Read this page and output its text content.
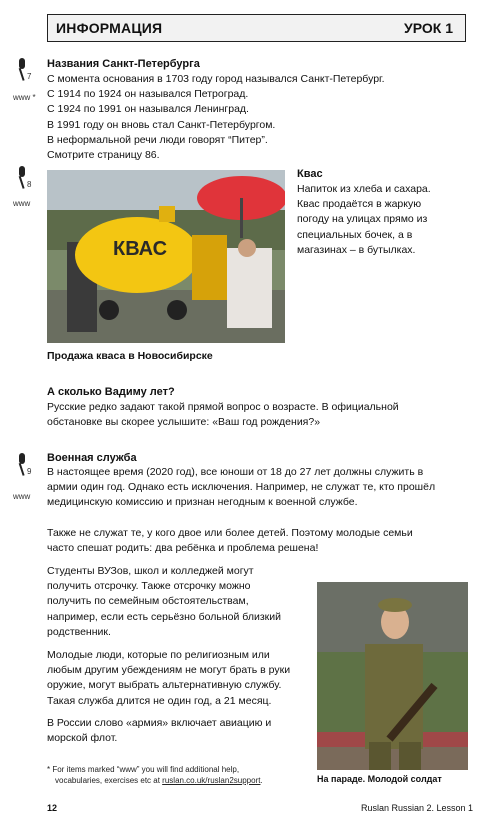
ИНФОРМАЦИЯ	УРОК 1
7
www *
Названия Санкт-Петербурга
С момента основания в 1703 году город назывался Санкт-Петербург.
С 1914 по 1924 он назывался Петроград.
С 1924 по 1991 он назывался Ленинград.
В 1991 году он вновь стал Санкт-Петербургом.
В неформальной речи люди говорят “Питер”.
Смотрите страницу 86.
8
www
КВАС
Квас
Напиток из хлеба и сахара.
Квас продаётся в жаркую
погоду на улицах прямо из
специальных бочек, а в
магазинах – в бутылках.
Продажа кваса в Новосибирске
А сколько Вадиму лет?
Русские редко задают такой прямой вопрос о возрасте. В официальной
обстановке вы скорее услышите: «Ваш год рождения?»
9
www
Военная служба
В настоящее время (2020 год), все юноши от 18 до 27 лет должны служить в
армии один год. Однако есть исключения. Например, не служат те, кто прошёл
медицинскую комиссию и признан негодным к военной службе.
Также не служат те, у кого двое или более детей. Поэтому молодые семьи
часто спешат родить: два ребёнка и проблема решена!
Студенты ВУЗов, школ и колледжей могут
получить отсрочку. Также отсрочку можно
получить по семейным обстоятельствам,
например, если есть серьёзно больной близкий
родственник.
Молодые люди, которые по религиозным или
любым другим убеждениям не могут брать в руки
оружие, могут выбрать альтернативную службу.
Такая служба длится не один год, а 21 месяц.
В России слово «армия» включает авиацию и
морской флот.
На параде. Молодой солдат
* For items marked “www” you will find additional help,
vocabularies, exercises etc at ruslan.co.uk/ruslan2support.
12	Ruslan Russian 2. Lesson 1
